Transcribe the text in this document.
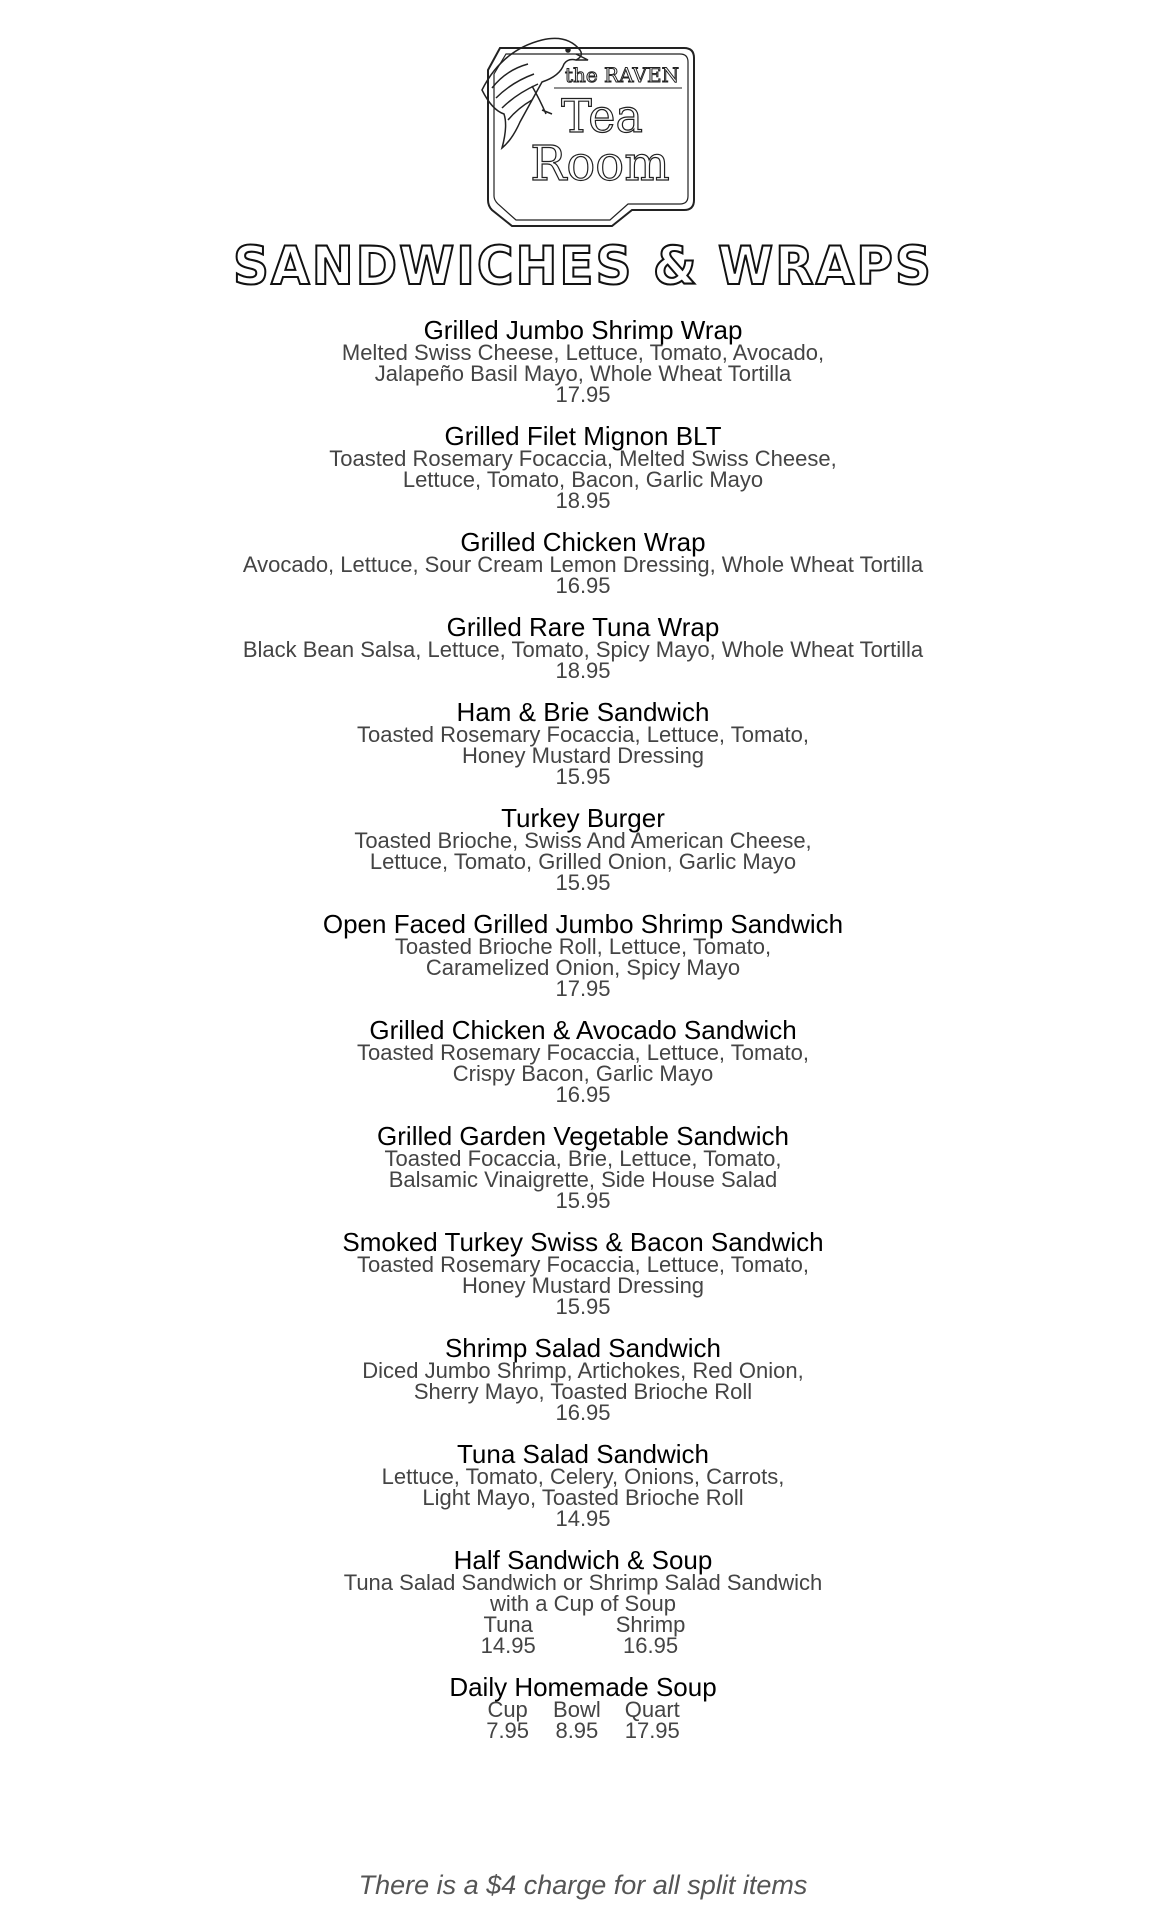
the RAVEN
Tea
Room
SANDWICHES & WRAPS
Grilled Jumbo Shrimp Wrap
Melted Swiss Cheese, Lettuce, Tomato, Avocado,
Jalapeño Basil Mayo, Whole Wheat Tortilla
17.95
Grilled Filet Mignon BLT
Toasted Rosemary Focaccia, Melted Swiss Cheese,
Lettuce, Tomato, Bacon, Garlic Mayo
18.95
Grilled Chicken Wrap
Avocado, Lettuce, Sour Cream Lemon Dressing, Whole Wheat Tortilla
16.95
Grilled Rare Tuna Wrap
Black Bean Salsa, Lettuce, Tomato, Spicy Mayo, Whole Wheat Tortilla
18.95
Ham & Brie Sandwich
Toasted Rosemary Focaccia, Lettuce, Tomato,
Honey Mustard Dressing
15.95
Turkey Burger
Toasted Brioche, Swiss And American Cheese,
Lettuce, Tomato, Grilled Onion, Garlic Mayo
15.95
Open Faced Grilled Jumbo Shrimp Sandwich
Toasted Brioche Roll, Lettuce, Tomato,
Caramelized Onion, Spicy Mayo
17.95
Grilled Chicken & Avocado Sandwich
Toasted Rosemary Focaccia, Lettuce, Tomato,
Crispy Bacon, Garlic Mayo
16.95
Grilled Garden Vegetable Sandwich
Toasted Focaccia, Brie, Lettuce, Tomato,
Balsamic Vinaigrette, Side House Salad
15.95
Smoked Turkey Swiss & Bacon Sandwich
Toasted Rosemary Focaccia, Lettuce, Tomato,
Honey Mustard Dressing
15.95
Shrimp Salad Sandwich
Diced Jumbo Shrimp, Artichokes, Red Onion,
Sherry Mayo, Toasted Brioche Roll
16.95
Tuna Salad Sandwich
Lettuce, Tomato, Celery, Onions, Carrots,
Light Mayo, Toasted Brioche Roll
14.95
Half Sandwich & Soup
Tuna Salad Sandwich or Shrimp Salad Sandwich
with a Cup of Soup
Tuna
14.95
Shrimp
16.95
Daily Homemade Soup
Cup
7.95
Bowl
8.95
Quart
17.95
There is a $4 charge for all split items
